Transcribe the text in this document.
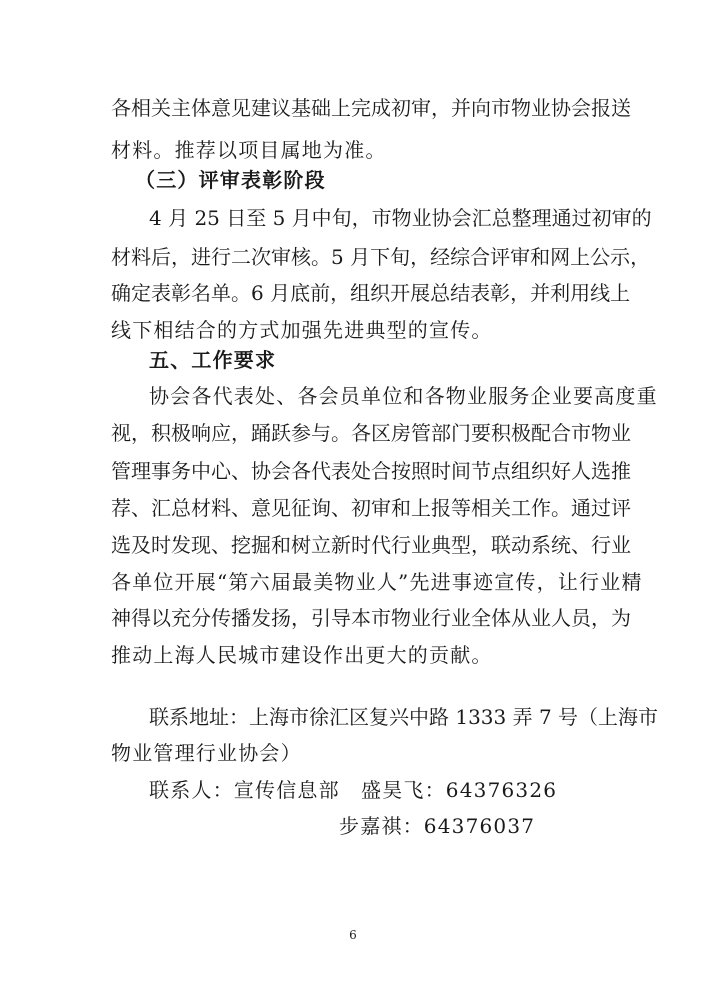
各相关主体意见建议基础上完成初审，并向市物业协会报送
材料。推荐以项目属地为准。
（三）评审表彰阶段
4 月 25 日至 5 月中旬，市物业协会汇总整理通过初审的
材料后，进行二次审核。5 月下旬，经综合评审和网上公示，
确定表彰名单。6 月底前，组织开展总结表彰，并利用线上
线下相结合的方式加强先进典型的宣传。
五、工作要求
协会各代表处、各会员单位和各物业服务企业要高度重
视，积极响应，踊跃参与。各区房管部门要积极配合市物业
管理事务中心、协会各代表处合按照时间节点组织好人选推
荐、汇总材料、意见征询、初审和上报等相关工作。通过评
选及时发现、挖掘和树立新时代行业典型，联动系统、行业
各单位开展“第六届最美物业人”先进事迹宣传，让行业精
神得以充分传播发扬，引导本市物业行业全体从业人员，为
推动上海人民城市建设作出更大的贡献。
联系地址：上海市徐汇区复兴中路 1333 弄 7 号（上海市
物业管理行业协会）
联系人：宣传信息部　盛昊飞：64376326
步嘉祺：64376037
6
